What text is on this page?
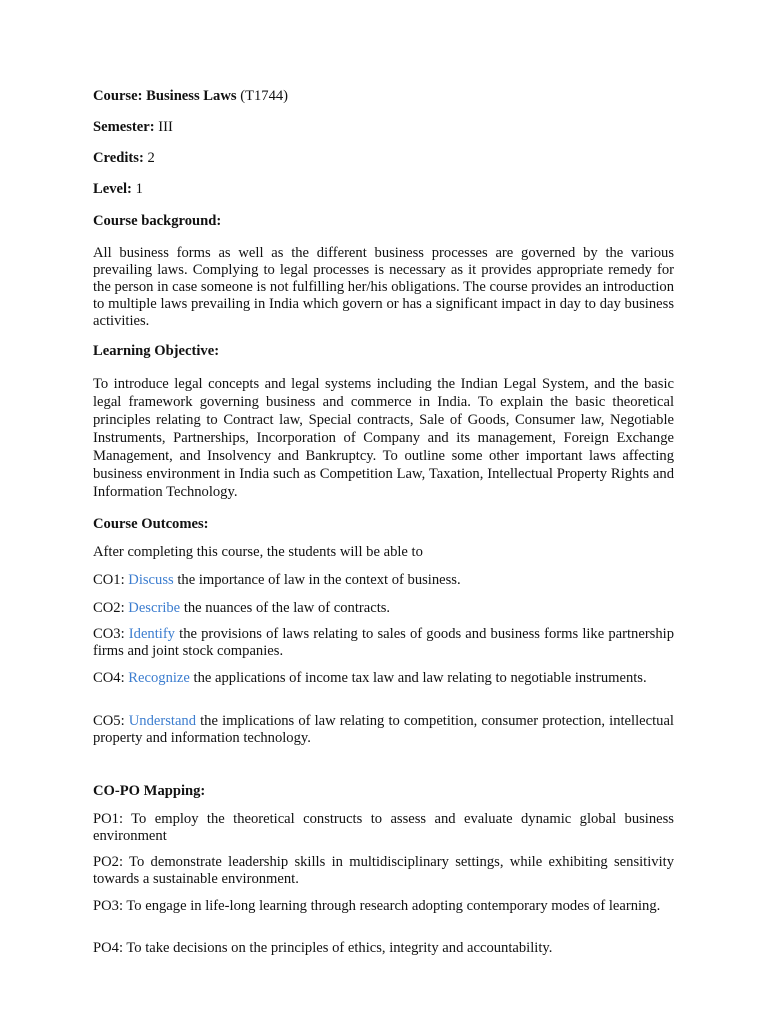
Course: Business Laws (T1744)

Semester: III

Credits: 2

Level: 1

Course background:

All business forms as well as the different business processes are governed by the various prevailing laws. Complying to legal processes is necessary as it provides appropriate remedy for the person in case someone is not fulfilling her/his obligations. The course provides an introduction to multiple laws prevailing in India which govern or has a significant impact in day to day business activities.

Learning Objective:

To introduce legal concepts and legal systems including the Indian Legal System, and the basic legal framework governing business and commerce in India. To explain the basic theoretical principles relating to Contract law, Special contracts, Sale of Goods, Consumer law, Negotiable Instruments, Partnerships, Incorporation of Company and its management, Foreign Exchange Management, and Insolvency and Bankruptcy. To outline some other important laws affecting business environment in India such as Competition Law, Taxation, Intellectual Property Rights and Information Technology.

Course Outcomes:

After completing this course, the students will be able to

CO1: Discuss the importance of law in the context of business.

CO2: Describe the nuances of the law of contracts.

CO3: Identify the provisions of laws relating to sales of goods and business forms like partnership firms and joint stock companies.

CO4: Recognize the applications of income tax law and law relating to negotiable instruments.

CO5: Understand the implications of law relating to competition, consumer protection, intellectual property and information technology.

CO-PO Mapping:

PO1: To employ the theoretical constructs to assess and evaluate dynamic global business environment

PO2: To demonstrate leadership skills in multidisciplinary settings, while exhibiting sensitivity towards a sustainable environment.

PO3: To engage in life-long learning through research adopting contemporary modes of learning.

PO4: To take decisions on the principles of ethics, integrity and accountability.
